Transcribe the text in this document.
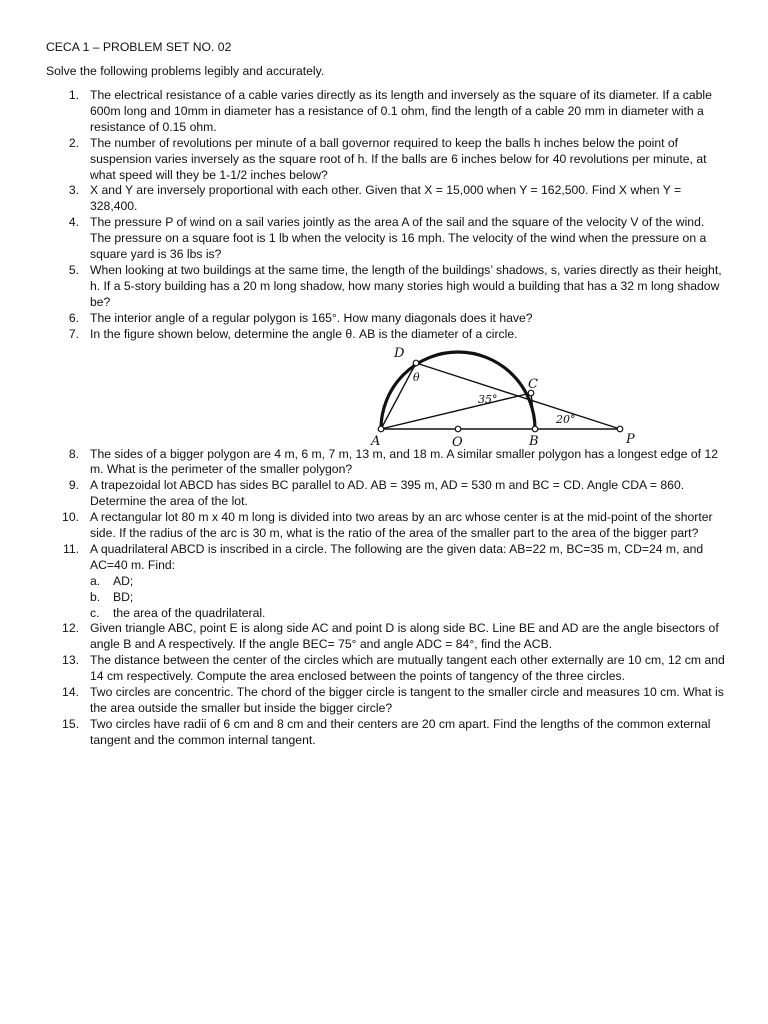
CECA 1 – PROBLEM SET NO. 02
Solve the following problems legibly and accurately.
1. The electrical resistance of a cable varies directly as its length and inversely as the square of its diameter. If a cable 600m long and 10mm in diameter has a resistance of 0.1 ohm, find the length of a cable 20 mm in diameter with a resistance of 0.15 ohm.
2. The number of revolutions per minute of a ball governor required to keep the balls h inches below the point of suspension varies inversely as the square root of h. If the balls are 6 inches below for 40 revolutions per minute, at what speed will they be 1-1/2 inches below?
3. X and Y are inversely proportional with each other. Given that X = 15,000 when Y = 162,500. Find X when Y = 328,400.
4. The pressure P of wind on a sail varies jointly as the area A of the sail and the square of the velocity V of the wind. The pressure on a square foot is 1 lb when the velocity is 16 mph. The velocity of the wind when the pressure on a square yard is 36 lbs is?
5. When looking at two buildings at the same time, the length of the buildings’ shadows, s, varies directly as their height, h. If a 5-story building has a 20 m long shadow, how many stories high would a building that has a 32 m long shadow be?
6. The interior angle of a regular polygon is 165°. How many diagonals does it have?
7. In the figure shown below, determine the angle θ. AB is the diameter of a circle.
D
θ	C
35°
20°
A	O	B	P
8. The sides of a bigger polygon are 4 m, 6 m, 7 m, 13 m, and 18 m. A similar smaller polygon has a longest edge of 12 m. What is the perimeter of the smaller polygon?
9. A trapezoidal lot ABCD has sides BC parallel to AD. AB = 395 m, AD = 530 m and BC = CD. Angle CDA = 860. Determine the area of the lot.
10. A rectangular lot 80 m x 40 m long is divided into two areas by an arc whose center is at the mid-point of the shorter side. If the radius of the arc is 30 m, what is the ratio of the area of the smaller part to the area of the bigger part?
11. A quadrilateral ABCD is inscribed in a circle. The following are the given data: AB=22 m, BC=35 m, CD=24 m, and AC=40 m. Find:
a. AD;
b. BD;
c. the area of the quadrilateral.
12. Given triangle ABC, point E is along side AC and point D is along side BC. Line BE and AD are the angle bisectors of angle B and A respectively. If the angle BEC= 75° and angle ADC = 84°, find the ACB.
13. The distance between the center of the circles which are mutually tangent each other externally are 10 cm, 12 cm and 14 cm respectively. Compute the area enclosed between the points of tangency of the three circles.
14. Two circles are concentric. The chord of the bigger circle is tangent to the smaller circle and measures 10 cm. What is the area outside the smaller but inside the bigger circle?
15. Two circles have radii of 6 cm and 8 cm and their centers are 20 cm apart. Find the lengths of the common external tangent and the common internal tangent.
